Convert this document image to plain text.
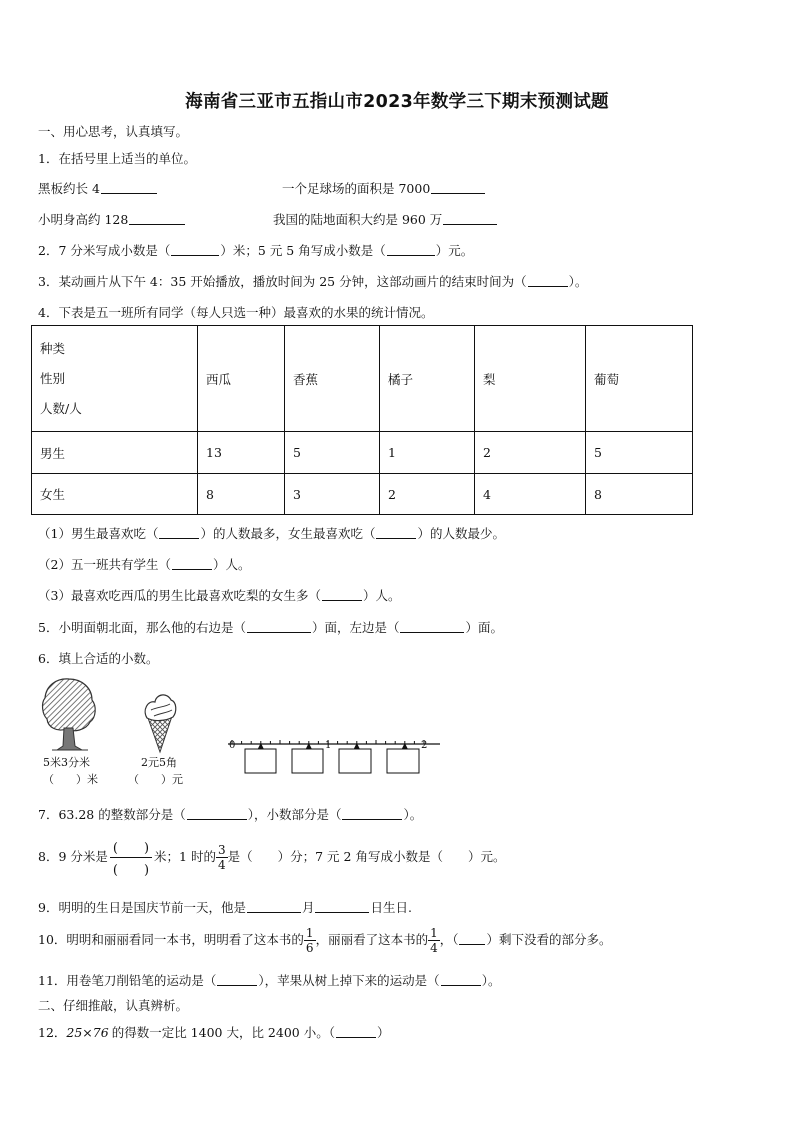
海南省三亚市五指山市2023年数学三下期末预测试题
一、用心思考，认真填写。
1．在括号里上适当的单位。
黑板约长 4	一个足球场的面积是 7000
小明身高约 128	我国的陆地面积大约是 960 万
2．7 分米写成小数是（	）米；5 元 5 角写成小数是（	）元。
3．某动画片从下午 4：35 开始播放，播放时间为 25 分钟，这部动画片的结束时间为（	）。
4．下表是五一班所有同学（每人只选一种）最喜欢的水果的统计情况。
种类
性别
人数/人	西瓜	香蕉	橘子	梨	葡萄
男生	13	5	1	2	5
女生	8	3	2	4	8
（1）男生最喜欢吃（	）的人数最多，女生最喜欢吃（	）的人数最少。
（2）五一班共有学生（	）人。
（3）最喜欢吃西瓜的男生比最喜欢吃梨的女生多（	）人。
5．小明面朝北面，那么他的右边是（	）面，左边是（	）面。
6．填上合适的小数。
5米3分米
（　　）米
2元5角
（　　）元
0	1	2
7．63.28 的整数部分是（	），小数部分是（	）。
8．9 分米是
(　　)
(　　)
米；1 时的 $\frac{3}{4}$ 是（　　）分；7 元 2 角写成小数是（　　）元。
9．明明的生日是国庆节前一天，他是	月	日生日.
10．明明和丽丽看同一本书，明明看了这本书的 $\frac{1}{6}$ ，丽丽看了这本书的 $\frac{1}{4}$ ，（ ）剩下没看的部分多。
11．用卷笔刀削铅笔的运动是（	），苹果从树上掉下来的运动是（	）。
二、仔细推敲，认真辨析。
12．25×76 的得数一定比 1400 大，比 2400 小。（	）
